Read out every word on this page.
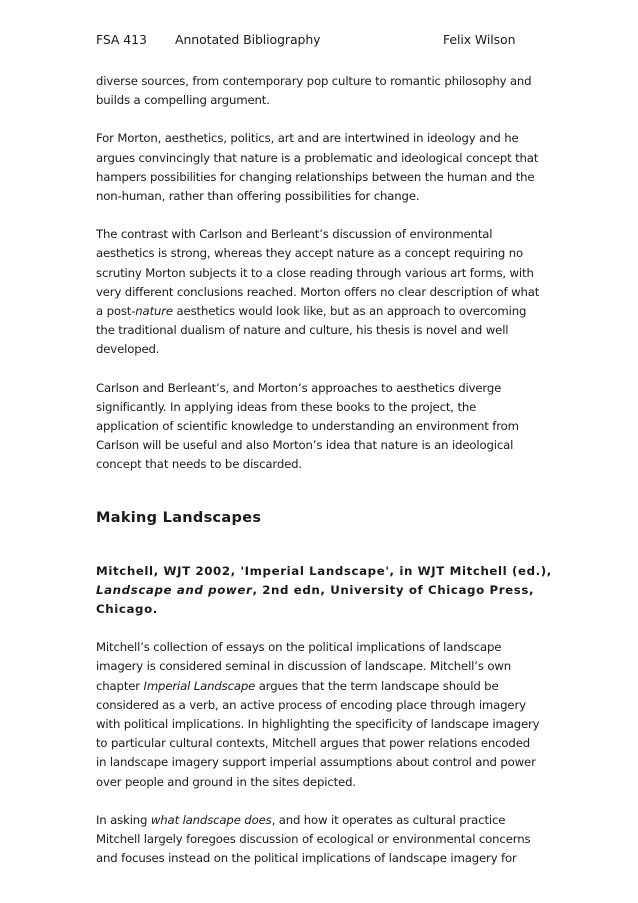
FSA 413 Annotated Bibliography	Felix Wilson

diverse sources, from contemporary pop culture to romantic philosophy and
builds a compelling argument.

For Morton, aesthetics, politics, art and are intertwined in ideology and he
argues convincingly that nature is a problematic and ideological concept that
hampers possibilities for changing relationships between the human and the
non-human, rather than offering possibilities for change.

The contrast with Carlson and Berleant’s discussion of environmental
aesthetics is strong, whereas they accept nature as a concept requiring no
scrutiny Morton subjects it to a close reading through various art forms, with
very different conclusions reached. Morton offers no clear description of what
a post-nature aesthetics would look like, but as an approach to overcoming
the traditional dualism of nature and culture, his thesis is novel and well
developed.

Carlson and Berleant’s, and Morton’s approaches to aesthetics diverge
significantly. In applying ideas from these books to the project, the
application of scientific knowledge to understanding an environment from
Carlson will be useful and also Morton’s idea that nature is an ideological
concept that needs to be discarded.

Making Landscapes

Mitchell, WJT 2002, 'Imperial Landscape', in WJT Mitchell (ed.),
Landscape and power, 2nd edn, University of Chicago Press,
Chicago.

Mitchell’s collection of essays on the political implications of landscape
imagery is considered seminal in discussion of landscape. Mitchell’s own
chapter Imperial Landscape argues that the term landscape should be
considered as a verb, an active process of encoding place through imagery
with political implications. In highlighting the specificity of landscape imagery
to particular cultural contexts, Mitchell argues that power relations encoded
in landscape imagery support imperial assumptions about control and power
over people and ground in the sites depicted.

In asking what landscape does, and how it operates as cultural practice
Mitchell largely foregoes discussion of ecological or environmental concerns
and focuses instead on the political implications of landscape imagery for
